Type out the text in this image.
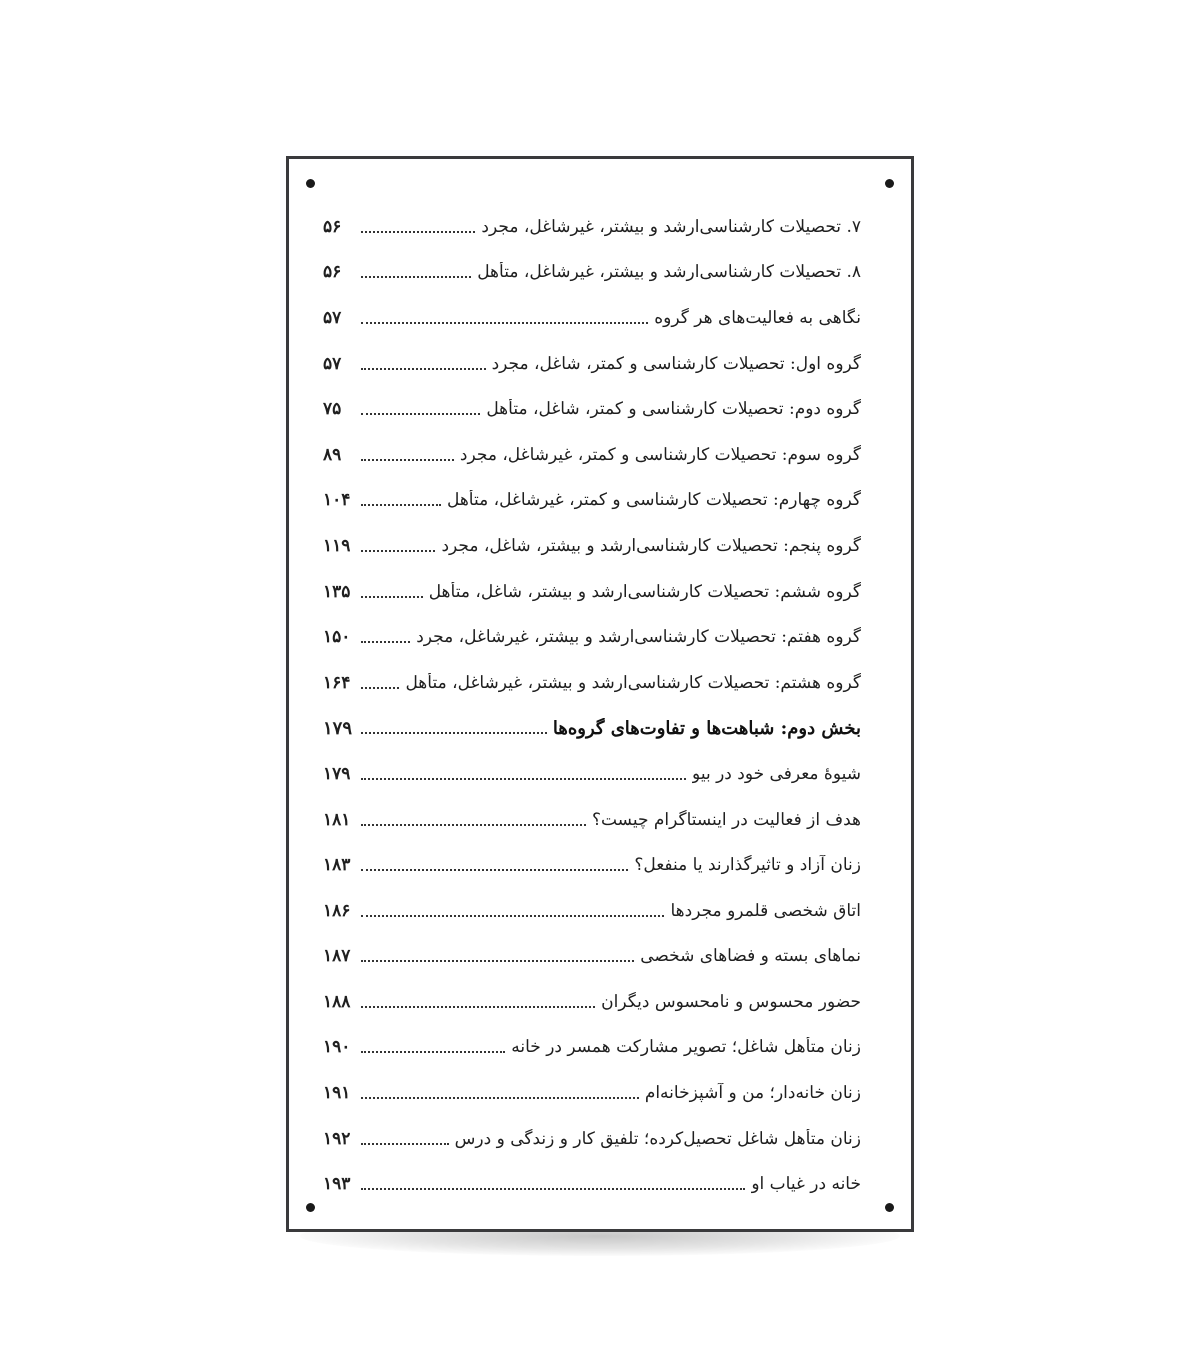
۷. تحصیلات کارشناسی‌ارشد و بیشتر، غیرشاغل، مجرد
۵۶
۸. تحصیلات کارشناسی‌ارشد و بیشتر، غیرشاغل، متأهل
۵۶
نگاهی به فعالیت‌های هر گروه
۵۷
گروه اول: تحصیلات کارشناسی و کمتر، شاغل، مجرد
۵۷
گروه دوم: تحصیلات کارشناسی و کمتر، شاغل، متأهل
۷۵
گروه سوم: تحصیلات کارشناسی و کمتر، غیرشاغل، مجرد
۸۹
گروه چهارم: تحصیلات کارشناسی و کمتر، غیرشاغل، متأهل
۱۰۴
گروه پنجم: تحصیلات کارشناسی‌ارشد و بیشتر، شاغل، مجرد
۱۱۹
گروه ششم: تحصیلات کارشناسی‌ارشد و بیشتر، شاغل، متأهل
۱۳۵
گروه هفتم: تحصیلات کارشناسی‌ارشد و بیشتر، غیرشاغل، مجرد
۱۵۰
گروه هشتم: تحصیلات کارشناسی‌ارشد و بیشتر، غیرشاغل، متأهل
۱۶۴
بخش دوم: شباهت‌ها و تفاوت‌های گروه‌ها
۱۷۹
شیوۀ معرفی خود در بیو
۱۷۹
هدف از فعالیت در اینستاگرام چیست؟
۱۸۱
زنان آزاد و تاثیرگذارند یا منفعل؟
۱۸۳
اتاق شخصی قلمرو مجردها
۱۸۶
نماهای بسته و فضاهای شخصی
۱۸۷
حضور محسوس و نامحسوس دیگران
۱۸۸
زنان متأهل شاغل؛ تصویر مشارکت همسر در خانه
۱۹۰
زنان خانه‌دار؛ من و آشپزخانه‌ام
۱۹۱
زنان متأهل شاغل تحصیل‌کرده؛ تلفیق کار و زندگی و درس
۱۹۲
خانه در غیاب او
۱۹۳
